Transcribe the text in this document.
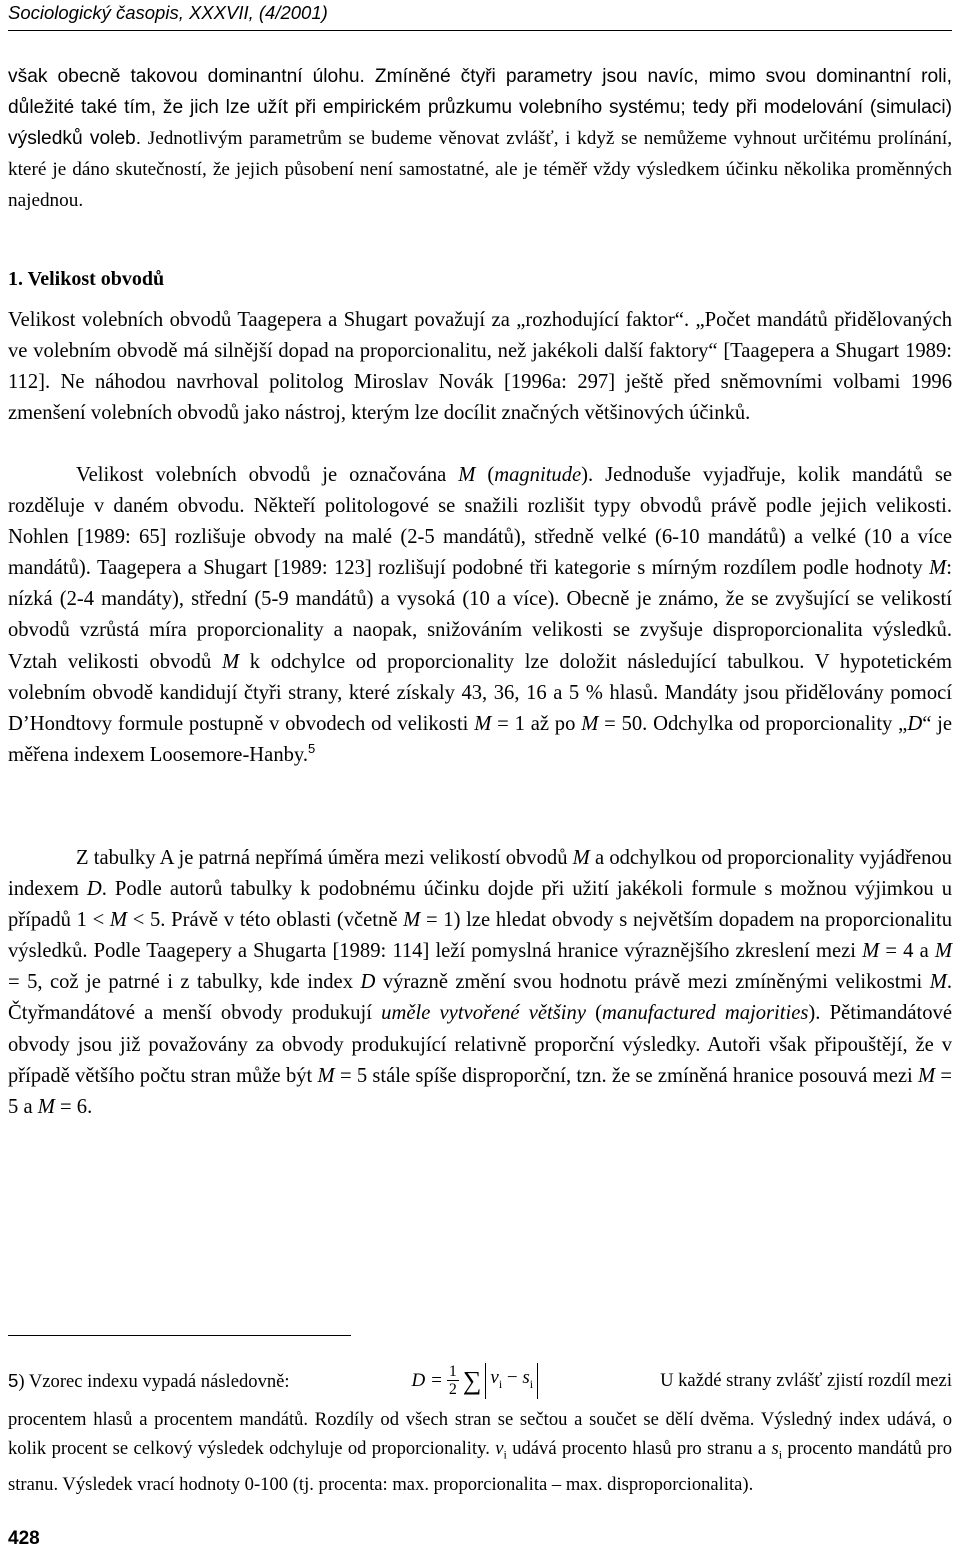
Sociologický časopis, XXXVII, (4/2001)

však obecně takovou dominantní úlohu. Zmíněné čtyři parametry jsou navíc, mimo svou dominantní roli, důležité také tím, že jich lze užít při empirickém průzkumu volebního systému; tedy při modelování (simulaci) výsledků voleb. Jednotlivým parametrům se budeme věnovat zvlášť, i když se nemůžeme vyhnout určitému prolínání, které je dáno skutečností, že jejich působení není samostatné, ale je téměř vždy výsledkem účinku několika proměnných najednou.

1. Velikost obvodů

Velikost volebních obvodů Taagepera a Shugart považují za „rozhodující faktor“. „Počet mandátů přidělovaných ve volebním obvodě má silnější dopad na proporcionalitu, než jakékoli další faktory“ [Taagepera a Shugart 1989: 112]. Ne náhodou navrhoval politolog Miroslav Novák [1996a: 297] ještě před sněmovními volbami 1996 zmenšení volebních obvodů jako nástroj, kterým lze docílit značných většinových účinků.

Velikost volebních obvodů je označována M (magnitude). Jednoduše vyjadřuje, kolik mandátů se rozděluje v daném obvodu. Někteří politologové se snažili rozlišit typy obvodů právě podle jejich velikosti. Nohlen [1989: 65] rozlišuje obvody na malé (2-5 mandátů), středně velké (6-10 mandátů) a velké (10 a více mandátů). Taagepera a Shugart [1989: 123] rozlišují podobné tři kategorie s mírným rozdílem podle hodnoty M: nízká (2-4 mandáty), střední (5-9 mandátů) a vysoká (10 a více). Obecně je známo, že se zvyšující se velikostí obvodů vzrůstá míra proporcionality a naopak, snižováním velikosti se zvyšuje disproporcionalita výsledků. Vztah velikosti obvodů M k odchylce od proporcionality lze doložit následující tabulkou. V hypotetickém volebním obvodě kandidují čtyři strany, které získaly 43, 36, 16 a 5 % hlasů. Mandáty jsou přidělovány pomocí D’Hondtovy formule postupně v obvodech od velikosti M = 1 až po M = 50. Odchylka od proporcionality „D“ je měřena indexem Loosemore-Hanby.$^5$

Z tabulky A je patrná nepřímá úměra mezi velikostí obvodů M a odchylkou od proporcionality vyjádřenou indexem D. Podle autorů tabulky k podobnému účinku dojde při užití jakékoli formule s možnou výjimkou u případů 1 < M < 5. Právě v této oblasti (včetně M = 1) lze hledat obvody s největším dopadem na proporcionalitu výsledků. Podle Taagepery a Shugarta [1989: 114] leží pomyslná hranice výraznějšího zkreslení mezi M = 4 a M = 5, což je patrné i z tabulky, kde index D výrazně změní svou hodnotu právě mezi zmíněnými velikostmi M. Čtyřmandátové a menší obvody produkují uměle vytvořené většiny (manufactured majorities). Pětimandátové obvody jsou již považovány za obvody produkující relativně proporční výsledky. Autoři však připouštějí, že v případě většího počtu stran může být M = 5 stále spíše disproporční, tzn. že se zmíněná hranice posouvá mezi M = 5 a M = 6.

5) Vzorec indexu vypadá následovně:	D = 1
2 ∑ $v_i - s_i$	U každé strany zvlášť zjistí rozdíl mezi

procentem hlasů a procentem mandátů. Rozdíly od všech stran se sečtou a součet se dělí dvěma. Výsledný index udává, o kolik procent se celkový výsledek odchyluje od proporcionality. $v_i$ udává procento hlasů pro stranu a $s_i$ procento mandátů pro stranu. Výsledek vrací hodnoty 0-100 (tj. procenta: max. proporcionalita – max. disproporcionalita).

428
